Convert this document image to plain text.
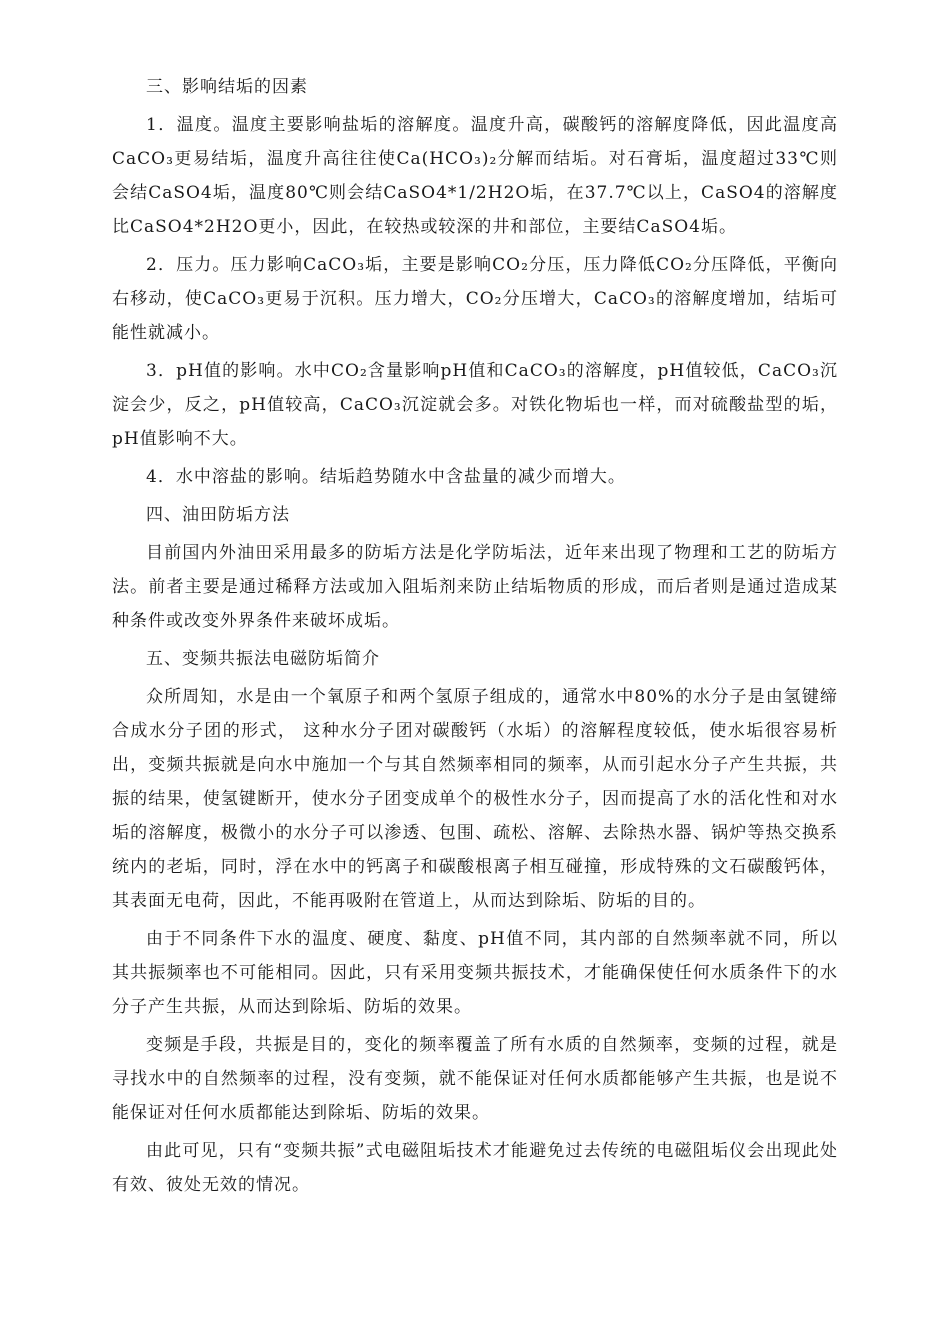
三、影响结垢的因素

1．温度。温度主要影响盐垢的溶解度。温度升高，碳酸钙的溶解度降低，因此温度高CaCO₃更易结垢，温度升高往往使Ca(HCO₃)₂分解而结垢。对石膏垢，温度超过33℃则会结CaSO4垢，温度80℃则会结CaSO4*1/2H2O垢，在37.7℃以上，CaSO4的溶解度比CaSO4*2H2O更小，因此，在较热或较深的井和部位，主要结CaSO4垢。

2．压力。压力影响CaCO₃垢，主要是影响CO₂分压，压力降低CO₂分压降低，平衡向右移动，使CaCO₃更易于沉积。压力增大，CO₂分压增大，CaCO₃的溶解度增加，结垢可能性就减小。

3．pH值的影响。水中CO₂含量影响pH值和CaCO₃的溶解度，pH值较低，CaCO₃沉淀会少，反之，pH值较高，CaCO₃沉淀就会多。对铁化物垢也一样，而对硫酸盐型的垢，pH值影响不大。

4．水中溶盐的影响。结垢趋势随水中含盐量的减少而增大。

四、油田防垢方法

目前国内外油田采用最多的防垢方法是化学防垢法，近年来出现了物理和工艺的防垢方法。前者主要是通过稀释方法或加入阻垢剂来防止结垢物质的形成，而后者则是通过造成某种条件或改变外界条件来破坏成垢。

五、变频共振法电磁防垢简介

众所周知，水是由一个氧原子和两个氢原子组成的，通常水中80%的水分子是由氢键缔合成水分子团的形式， 这种水分子团对碳酸钙（水垢）的溶解程度较低，使水垢很容易析出，变频共振就是向水中施加一个与其自然频率相同的频率，从而引起水分子产生共振，共振的结果，使氢键断开，使水分子团变成单个的极性水分子，因而提高了水的活化性和对水垢的溶解度，极微小的水分子可以渗透、包围、疏松、溶解、去除热水器、锅炉等热交换系统内的老垢，同时，浮在水中的钙离子和碳酸根离子相互碰撞，形成特殊的文石碳酸钙体，其表面无电荷，因此，不能再吸附在管道上，从而达到除垢、防垢的目的。

由于不同条件下水的温度、硬度、黏度、pH值不同，其内部的自然频率就不同，所以其共振频率也不可能相同。因此，只有采用变频共振技术，才能确保使任何水质条件下的水分子产生共振，从而达到除垢、防垢的效果。

变频是手段，共振是目的，变化的频率覆盖了所有水质的自然频率，变频的过程，就是寻找水中的自然频率的过程，没有变频，就不能保证对任何水质都能够产生共振，也是说不能保证对任何水质都能达到除垢、防垢的效果。

由此可见，只有“变频共振”式电磁阻垢技术才能避免过去传统的电磁阻垢仪会出现此处有效、彼处无效的情况。
